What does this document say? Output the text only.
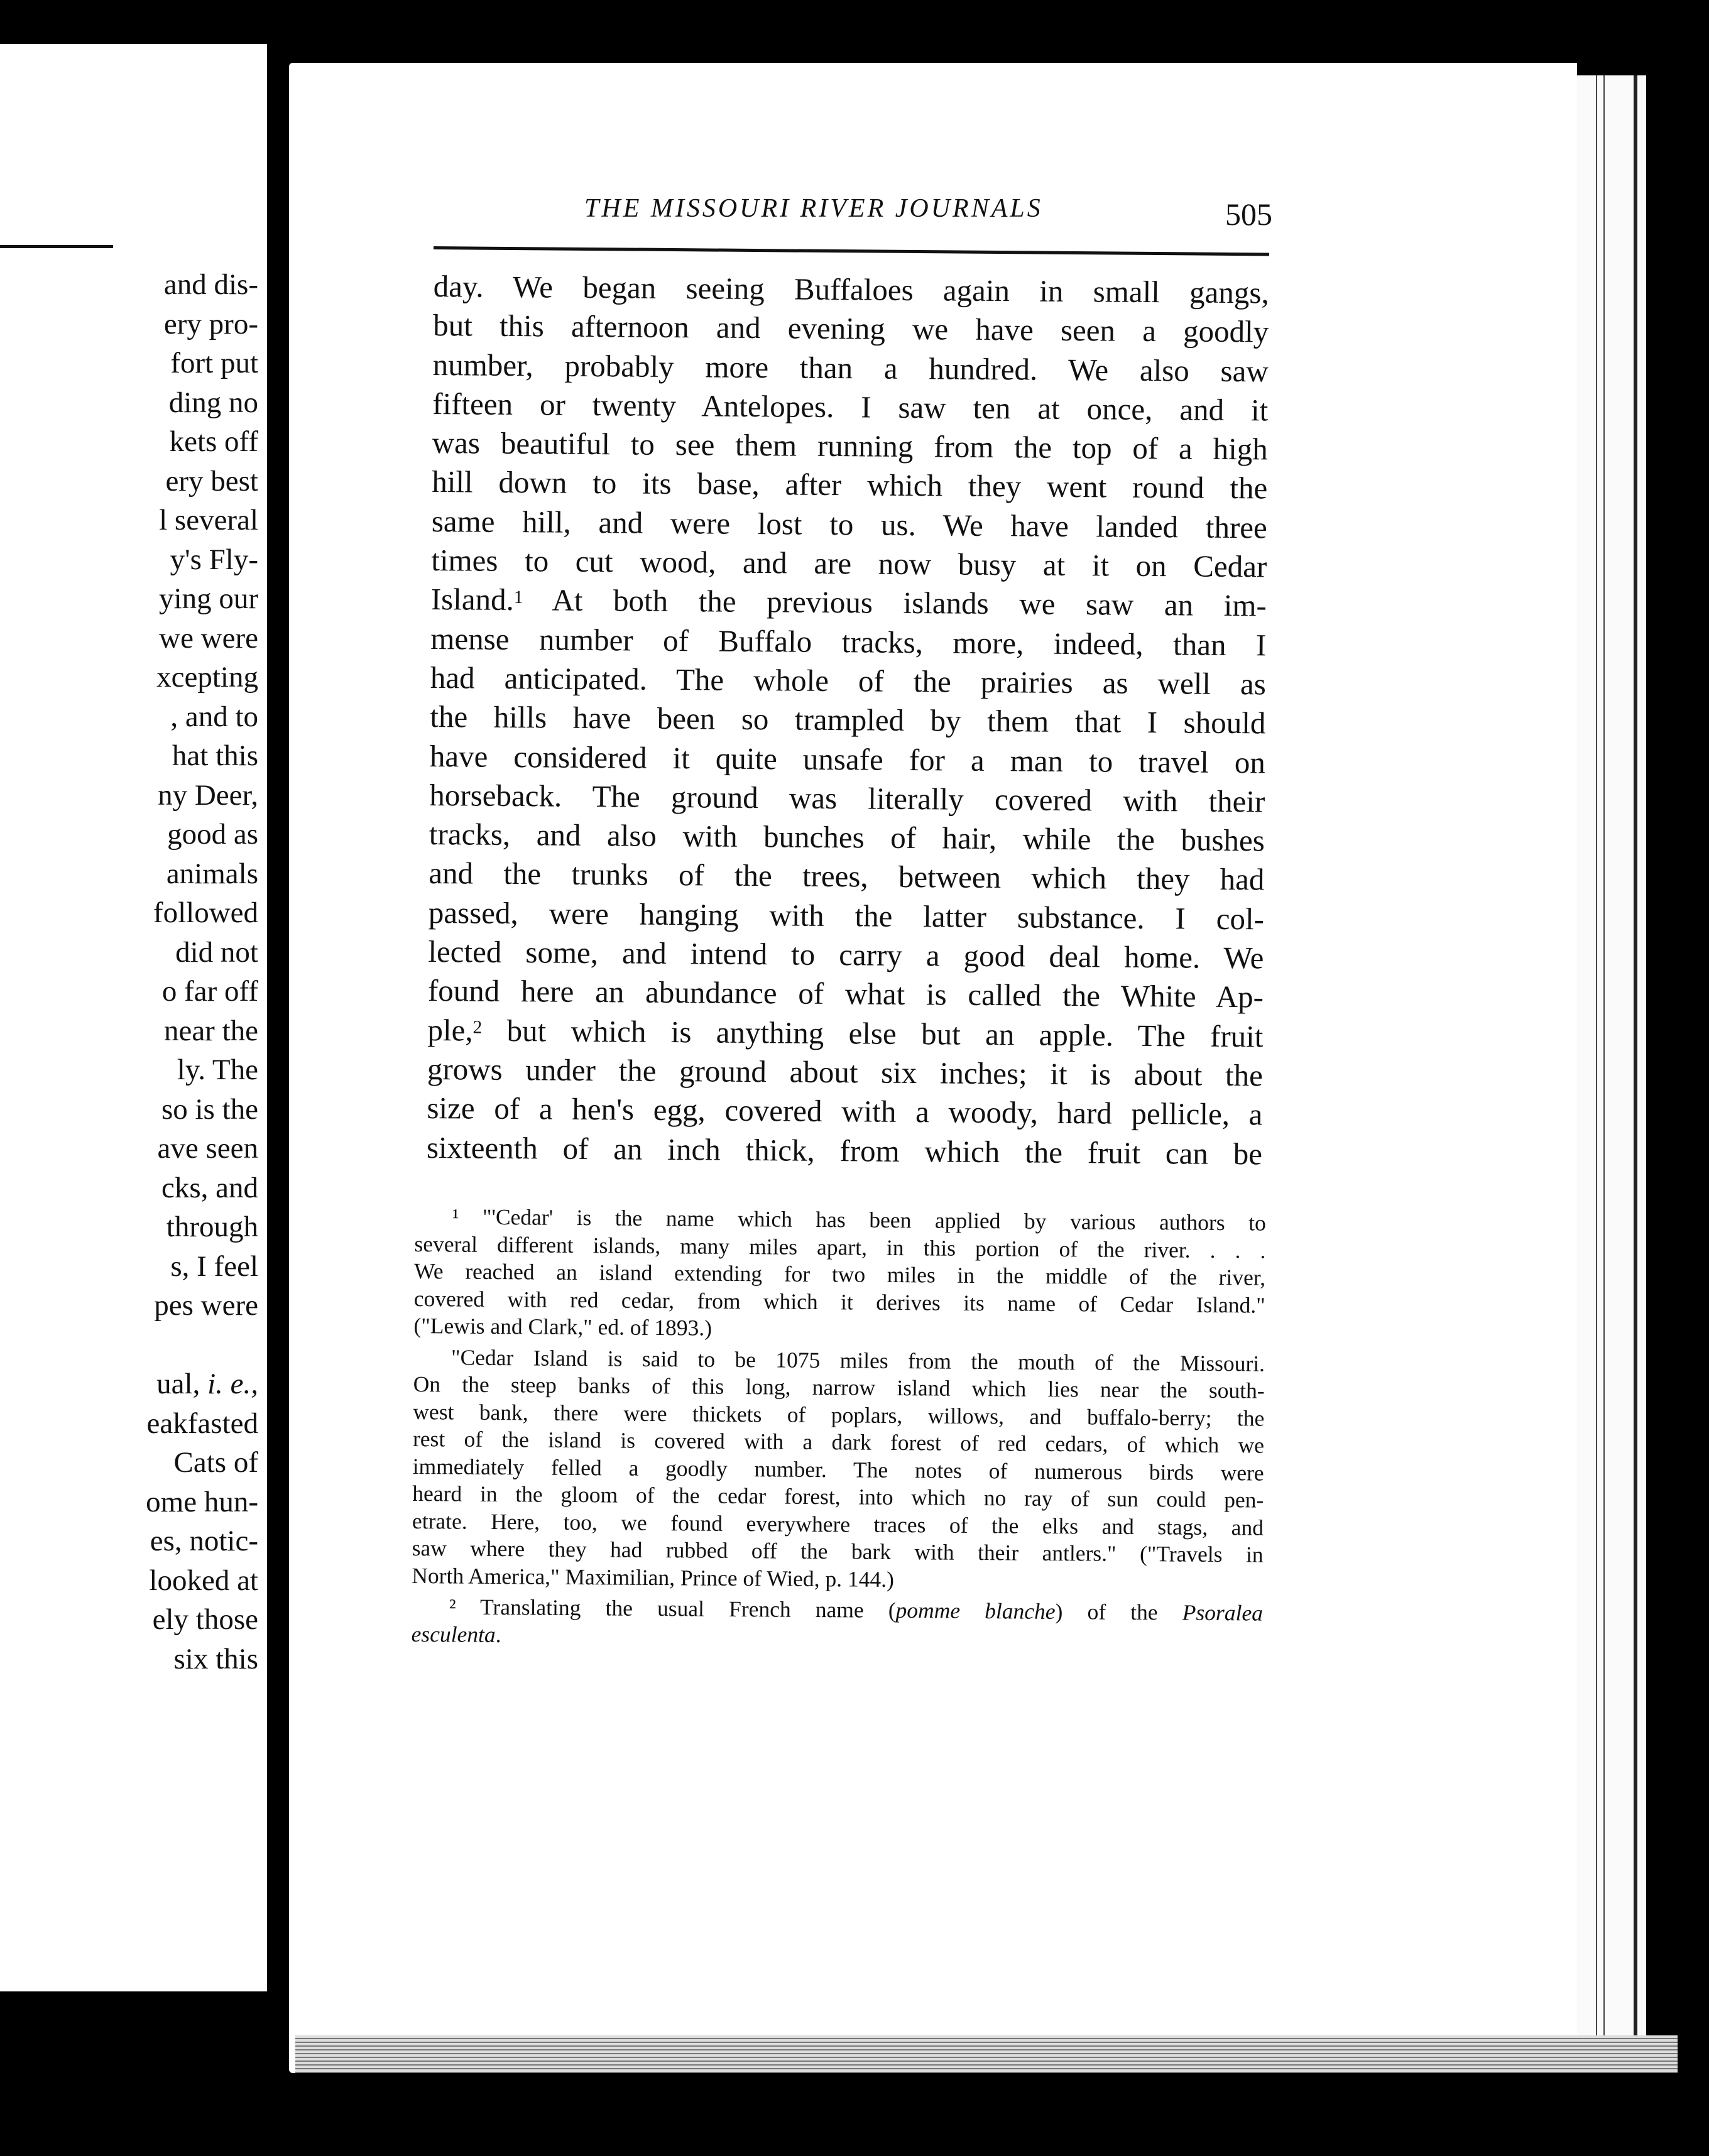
and dis-
ery pro-
fort put
ding no
kets off
ery best
l several
y's Fly-
ying our
we were
xcepting
, and to
hat this
ny Deer,
good as
animals
followed
did not
o far off
near the
ly. The
so is the
ave seen
cks, and
through
s, I feel
pes were
ual, i. e.,
eakfasted
Cats of
ome hun-
es, notic-
looked at
ely those
six this
THE MISSOURI RIVER JOURNALS	505
day. We began seeing Buffaloes again in small gangs,
but this afternoon and evening we have seen a goodly
number, probably more than a hundred. We also saw
fifteen or twenty Antelopes. I saw ten at once, and it
was beautiful to see them running from the top of a high
hill down to its base, after which they went round the
same hill, and were lost to us. We have landed three
times to cut wood, and are now busy at it on Cedar
Island.$^1$ At both the previous islands we saw an im-
mense number of Buffalo tracks, more, indeed, than I
had anticipated. The whole of the prairies as well as
the hills have been so trampled by them that I should
have considered it quite unsafe for a man to travel on
horseback. The ground was literally covered with their
tracks, and also with bunches of hair, while the bushes
and the trunks of the trees, between which they had
passed, were hanging with the latter substance. I col-
lected some, and intend to carry a good deal home. We
found here an abundance of what is called the White Ap-
ple,$^2$ but which is anything else but an apple. The fruit
grows under the ground about six inches; it is about the
size of a hen's egg, covered with a woody, hard pellicle, a
sixteenth of an inch thick, from which the fruit can be
¹ "'Cedar' is the name which has been applied by various authors to
several different islands, many miles apart, in this portion of the river. . . .
We reached an island extending for two miles in the middle of the river,
covered with red cedar, from which it derives its name of Cedar Island."
("Lewis and Clark," ed. of 1893.)
"Cedar Island is said to be 1075 miles from the mouth of the Missouri.
On the steep banks of this long, narrow island which lies near the south-
west bank, there were thickets of poplars, willows, and buffalo-berry; the
rest of the island is covered with a dark forest of red cedars, of which we
immediately felled a goodly number. The notes of numerous birds were
heard in the gloom of the cedar forest, into which no ray of sun could pen-
etrate. Here, too, we found everywhere traces of the elks and stags, and
saw where they had rubbed off the bark with their antlers." ("Travels in
North America," Maximilian, Prince of Wied, p. 144.)
² Translating the usual French name (pomme blanche) of the Psoralea
esculenta.
